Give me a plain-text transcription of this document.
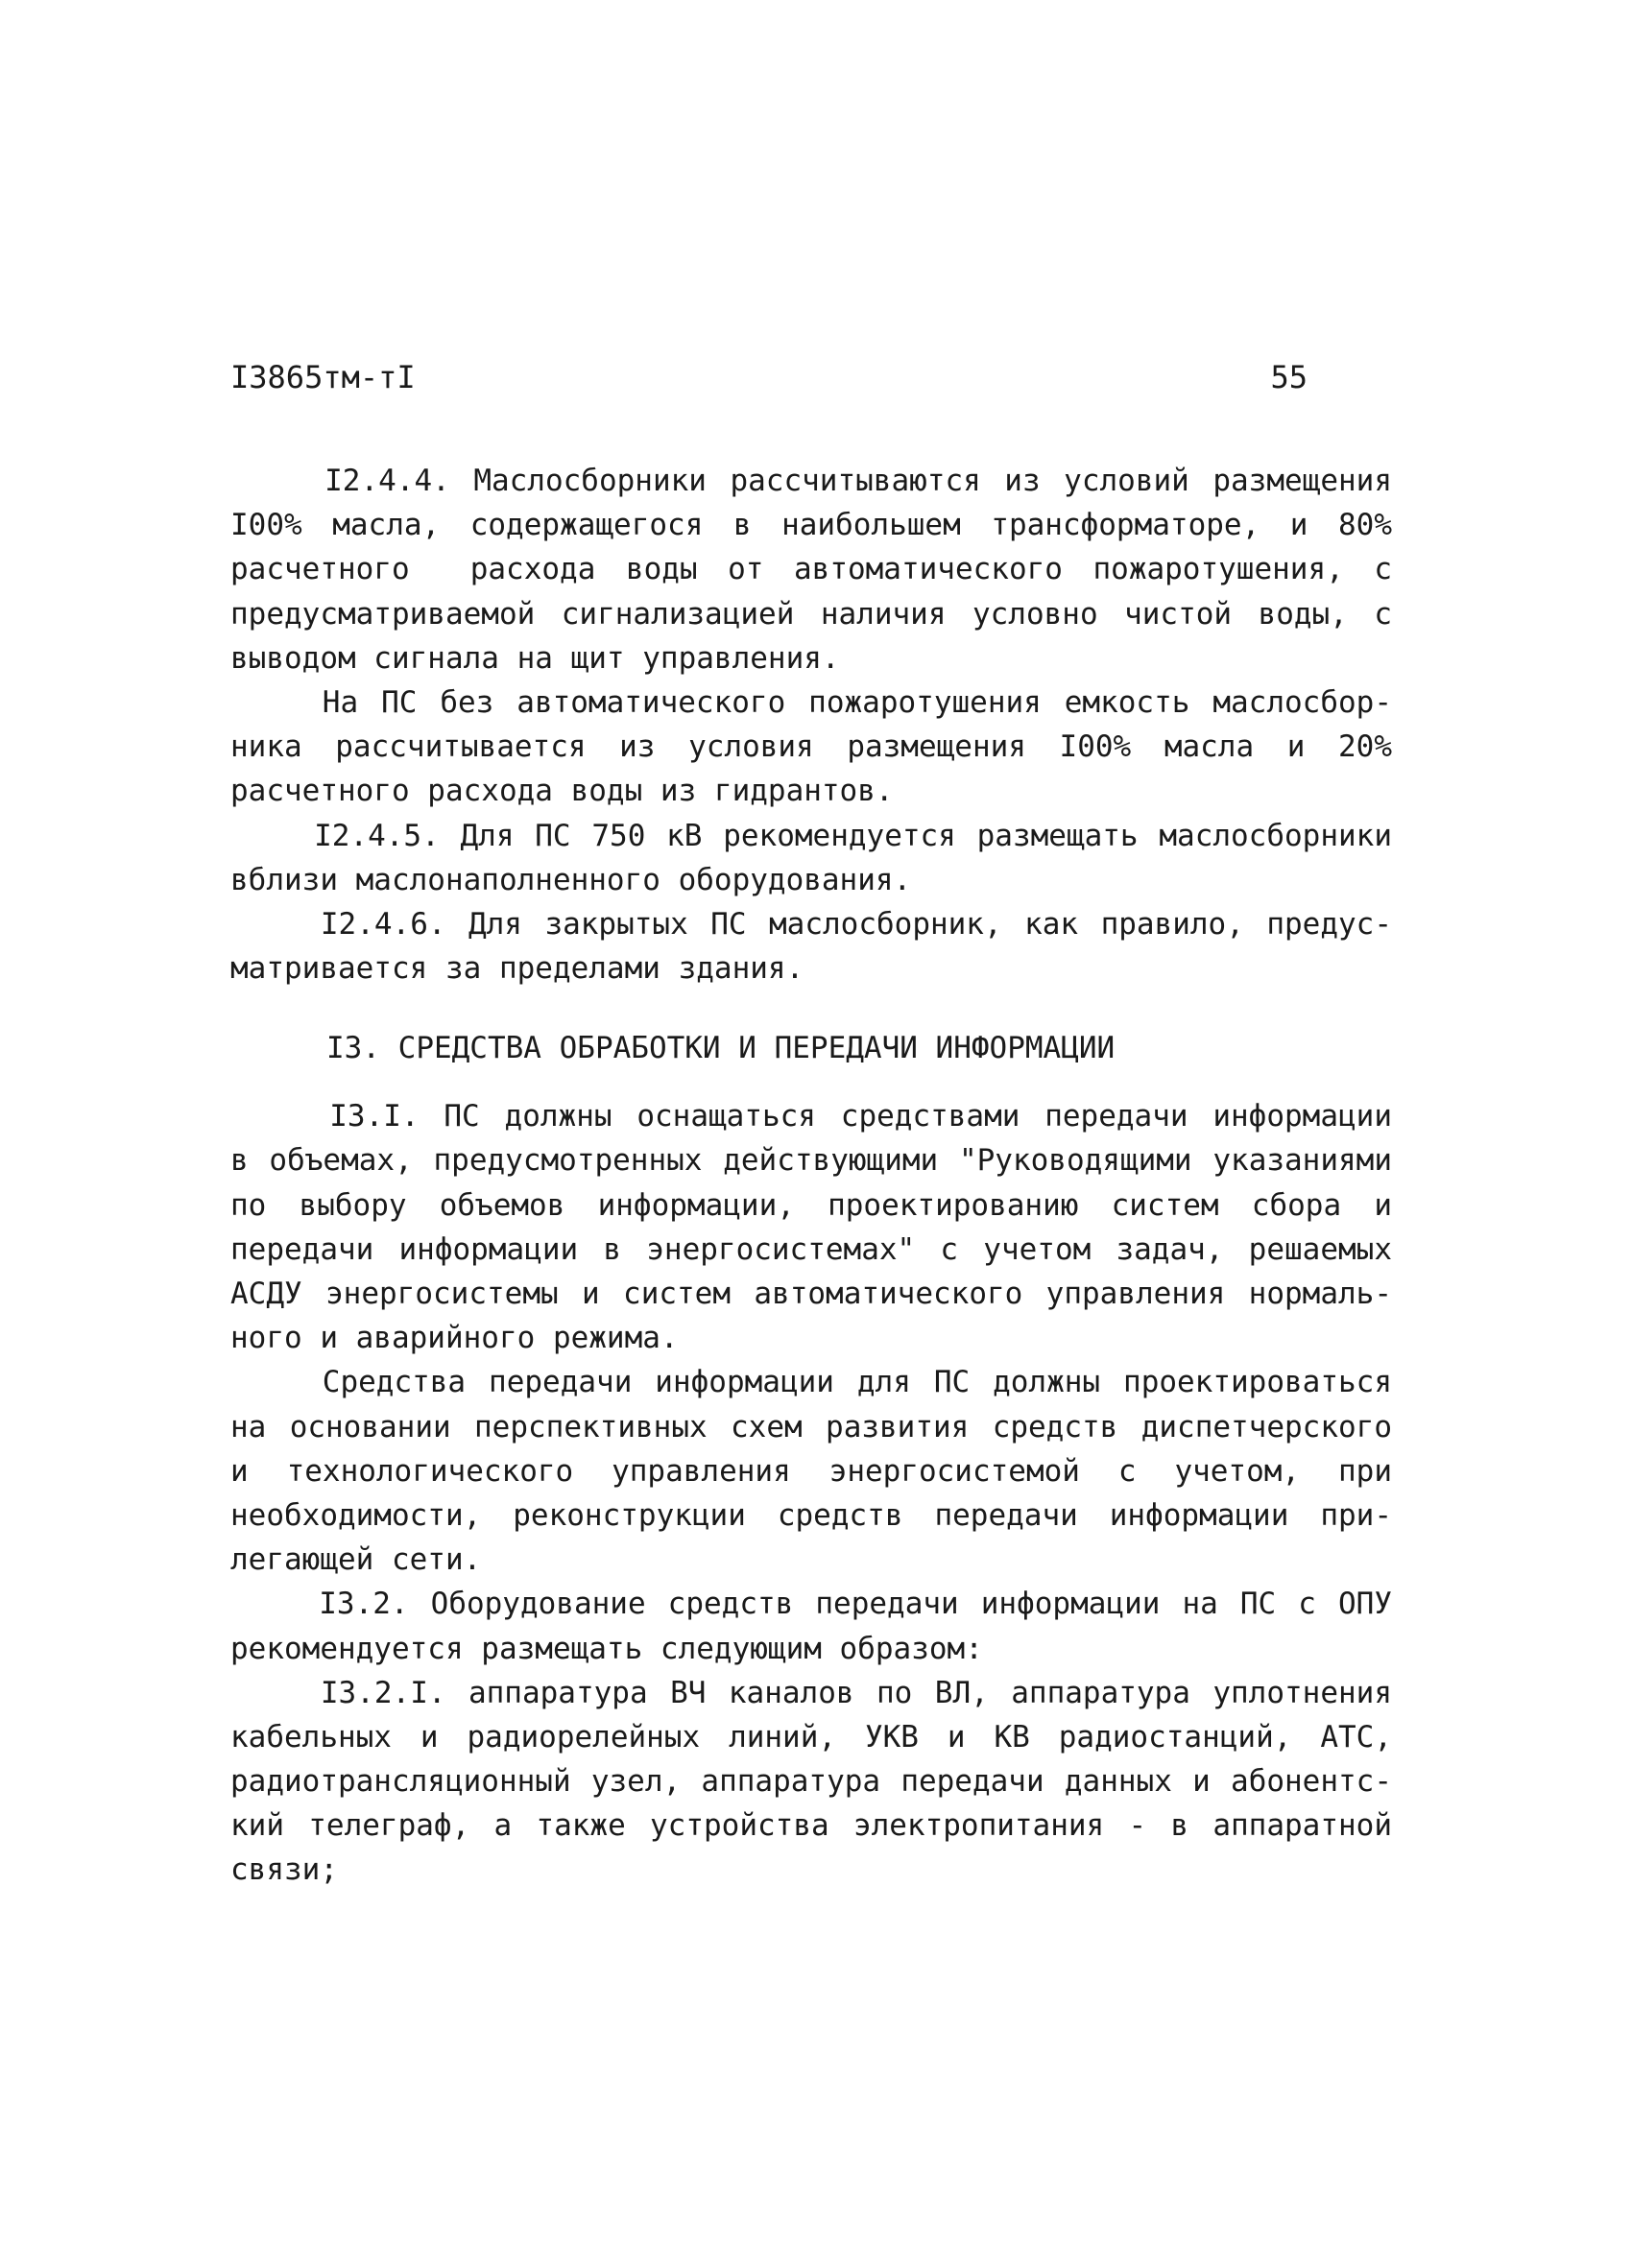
I3865тм-тI	55
I2.4.4. Маслосборники рассчитываются из условий размещения
I00% масла, содержащегося в наибольшем трансформаторе, и 80%
расчетного  расхода воды от автоматического пожаротушения, с
предусматриваемой сигнализацией наличия условно чистой воды, с
выводом сигнала на щит управления.
На ПС без автоматического пожаротушения емкость маслосбор-
ника рассчитывается из условия размещения I00% масла и 20%
расчетного расхода воды из гидрантов.
I2.4.5. Для ПС 750 кВ рекомендуется размещать маслосборники
вблизи маслонаполненного оборудования.
I2.4.6. Для закрытых ПС маслосборник, как правило, предус-
матривается за пределами здания.
I3. СРЕДСТВА ОБРАБОТКИ И ПЕРЕДАЧИ ИНФОРМАЦИИ
I3.I. ПС должны оснащаться средствами передачи информации
в объемах, предусмотренных действующими "Руководящими указаниями
по выбору объемов информации, проектированию систем сбора и
передачи информации в энергосистемах" с учетом задач, решаемых
АСДУ энергосистемы и систем автоматического управления нормаль-
ного и аварийного режима.
Средства передачи информации для ПС должны проектироваться
на основании перспективных схем развития средств диспетчерского
и технологического управления энергосистемой с учетом, при
необходимости, реконструкции средств передачи информации при-
легающей сети.
I3.2. Оборудование средств передачи информации на ПС с ОПУ
рекомендуется размещать следующим образом:
I3.2.I. аппаратура ВЧ каналов по ВЛ, аппаратура уплотнения
кабельных и радиорелейных линий, УКВ и КВ радиостанций, АТС,
радиотрансляционный узел, аппаратура передачи данных и абонентс-
кий телеграф, а также устройства электропитания - в аппаратной
связи;
